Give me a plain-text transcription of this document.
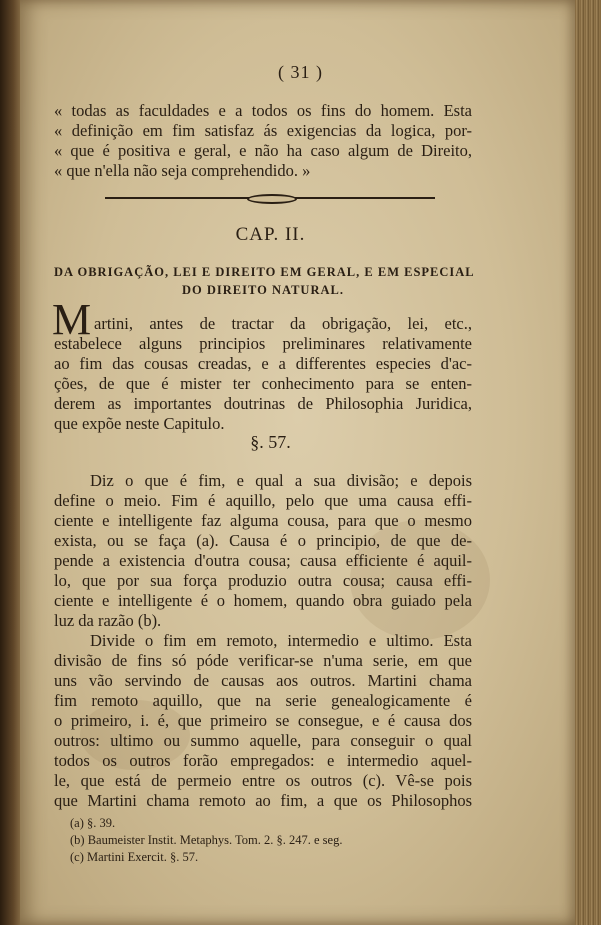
( 31 )
« todas as faculdades e a todos os fins do homem. Esta
« definição em fim satisfaz ás exigencias da logica, por-
« que é positiva e geral, e não ha caso algum de Direito,
« que n'ella não seja comprehendido. »
CAP. II.
DA OBRIGAÇÃO, LEI E DIREITO EM GERAL, E EM ESPECIAL
DO DIREITO NATURAL.
M artini, antes de tractar da obrigação, lei, etc.,
estabelece alguns principios preliminares relativamente
ao fim das cousas creadas, e a differentes especies d'ac-
ções, de que é mister ter conhecimento para se enten-
derem as importantes doutrinas de Philosophia Juridica,
que expõe neste Capitulo.
§. 57.
Diz o que é fim, e qual a sua divisão; e depois
define o meio. Fim é aquillo, pelo que uma causa effi-
ciente e intelligente faz alguma cousa, para que o mesmo
exista, ou se faça (a). Causa é o principio, de que de-
pende a existencia d'outra cousa; causa efficiente é aquil-
lo, que por sua força produzio outra cousa; causa effi-
ciente e intelligente é o homem, quando obra guiado pela
luz da razão (b).
Divide o fim em remoto, intermedio e ultimo. Esta
divisão de fins só póde verificar-se n'uma serie, em que
uns vão servindo de causas aos outros. Martini chama
fim remoto aquillo, que na serie genealogicamente é
o primeiro, i. é, que primeiro se consegue, e é causa dos
outros: ultimo ou summo aquelle, para conseguir o qual
todos os outros forão empregados: e intermedio aquel-
le, que está de permeio entre os outros (c). Vê-se pois
que Martini chama remoto ao fim, a que os Philosophos
(a) §. 39.
(b) Baumeister Instit. Metaphys. Tom. 2. §. 247. e seg.
(c) Martini Exercit. §. 57.
